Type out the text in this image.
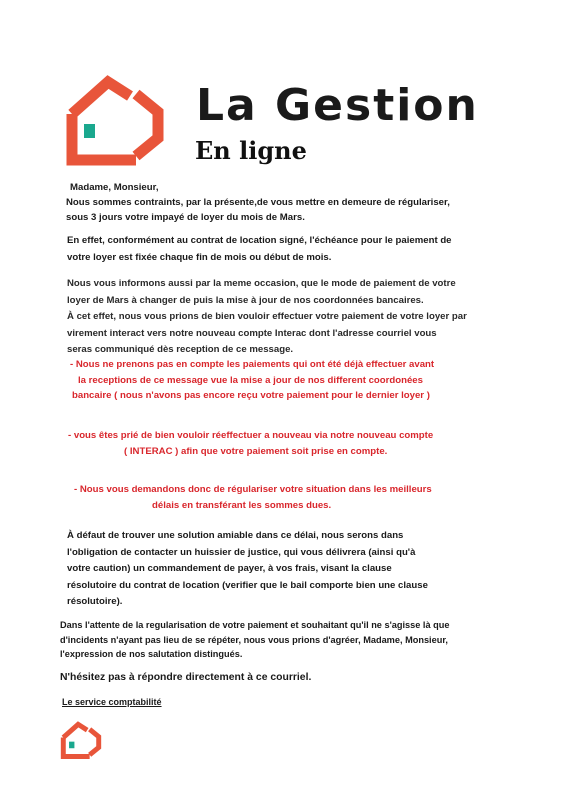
La Gestion
En ligne
Madame, Monsieur,
Nous sommes contraints, par la présente,de vous mettre en demeure de régulariser,
sous 3 jours votre impayé de loyer du mois de Mars.
En effet, conformément au contrat de location signé, l'échéance pour le paiement de
votre loyer est fixée chaque fin de mois ou début de mois.
Nous vous informons aussi par la meme occasion, que le mode de paiement de votre
loyer de Mars à changer de puis la mise à jour de nos coordonnées bancaires.
À cet effet, nous vous prions de bien vouloir effectuer votre paiement de votre loyer par
virement interact vers notre nouveau compte Interac dont l'adresse courriel vous
seras communiqué dès reception de ce message.
- Nous ne prenons pas en compte les paiements qui ont été déjà effectuer avant
la receptions de ce message vue la mise a jour de nos different coordonées
bancaire ( nous n'avons pas encore reçu votre paiement pour le dernier loyer )
- vous êtes prié de bien vouloir réeffectuer a nouveau via notre nouveau compte
( INTERAC ) afin que votre paiement soit prise en compte.
- Nous vous demandons donc de régulariser votre situation dans les meilleurs
délais en transférant les sommes dues.
À défaut de trouver une solution amiable dans ce délai, nous serons dans
l'obligation de contacter un huissier de justice, qui vous délivrera (ainsi qu'à
votre caution) un commandement de payer, à vos frais, visant la clause
résolutoire du contrat de location (verifier que le bail comporte bien une clause
résolutoire).
Dans l'attente de la regularisation de votre paiement et souhaitant qu'il ne s'agisse là que
d'incidents n'ayant pas lieu de se répéter, nous vous prions d'agréer, Madame, Monsieur,
l'expression de nos salutation distingués.
N'hésitez pas à répondre directement à ce courriel.
Le service comptabilité
